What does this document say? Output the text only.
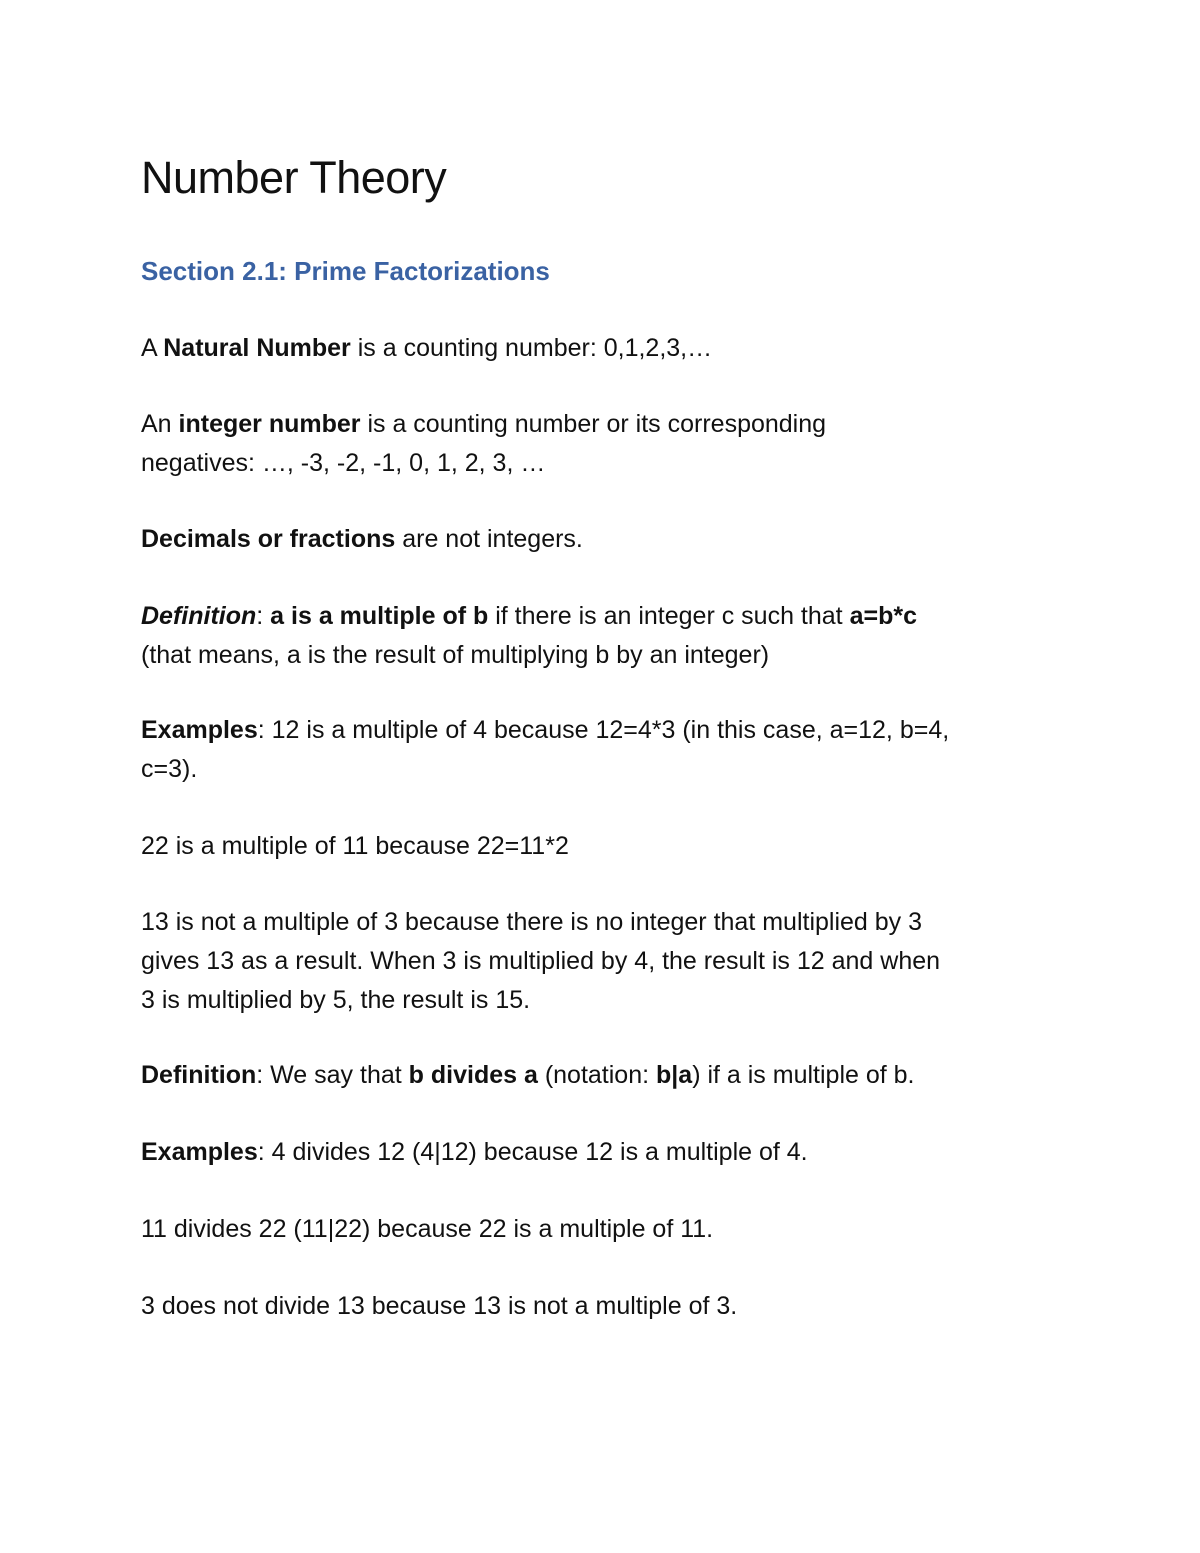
Number Theory
Section 2.1: Prime Factorizations

A Natural Number is a counting number: 0,1,2,3,…

An integer number is a counting number or its corresponding
negatives: …, -3, -2, -1, 0, 1, 2, 3, …

Decimals or fractions are not integers.

Definition: a is a multiple of b if there is an integer c such that a=b*c
(that means, a is the result of multiplying b by an integer)

Examples: 12 is a multiple of 4 because 12=4*3 (in this case, a=12, b=4,
c=3).

22 is a multiple of 11 because 22=11*2

13 is not a multiple of 3 because there is no integer that multiplied by 3
gives 13 as a result. When 3 is multiplied by 4, the result is 12 and when
3 is multiplied by 5, the result is 15.

Definition: We say that b divides a (notation: b|a) if a is multiple of b.

Examples: 4 divides 12 (4|12) because 12 is a multiple of 4.

11 divides 22 (11|22) because 22 is a multiple of 11.

3 does not divide 13 because 13 is not a multiple of 3.
